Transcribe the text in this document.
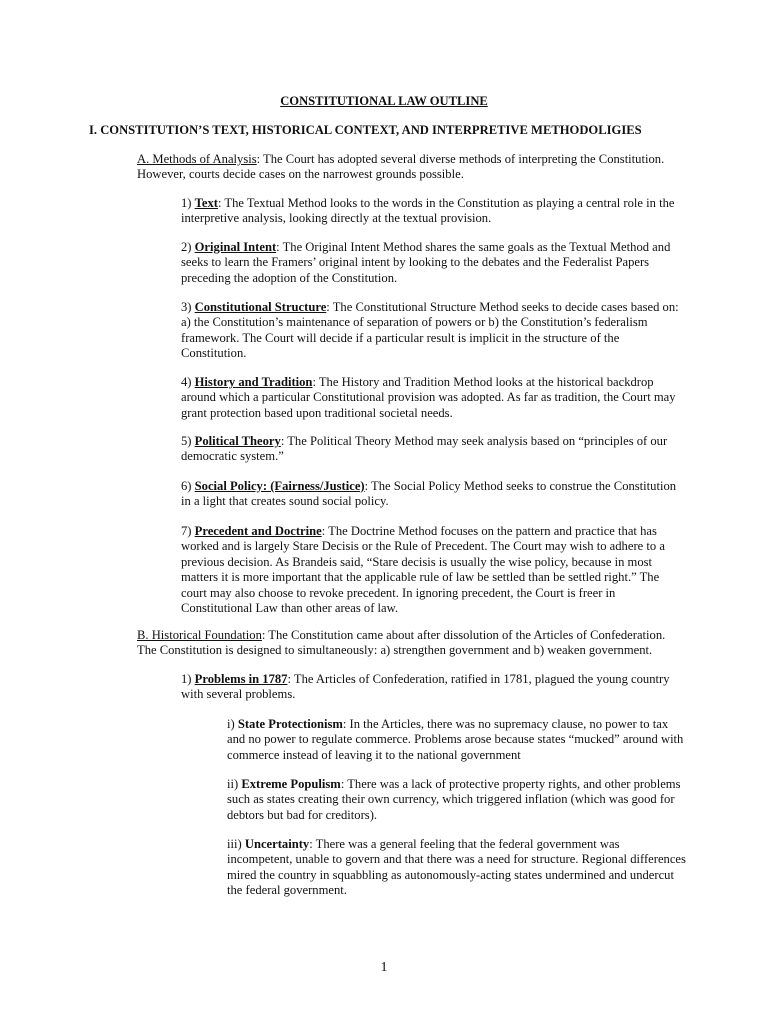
CONSTITUTIONAL LAW OUTLINE
I. CONSTITUTION’S TEXT, HISTORICAL CONTEXT, AND INTERPRETIVE METHODOLIGIES

A. Methods of Analysis: The Court has adopted several diverse methods of interpreting the Constitution. However, courts decide cases on the narrowest grounds possible.

1) Text: The Textual Method looks to the words in the Constitution as playing a central role in the interpretive analysis, looking directly at the textual provision.

2) Original Intent: The Original Intent Method shares the same goals as the Textual Method and seeks to learn the Framers’ original intent by looking to the debates and the Federalist Papers preceding the adoption of the Constitution.

3) Constitutional Structure: The Constitutional Structure Method seeks to decide cases based on: a) the Constitution’s maintenance of separation of powers or b) the Constitution’s federalism framework. The Court will decide if a particular result is implicit in the structure of the Constitution.

4) History and Tradition: The History and Tradition Method looks at the historical backdrop around which a particular Constitutional provision was adopted. As far as tradition, the Court may grant protection based upon traditional societal needs.

5) Political Theory: The Political Theory Method may seek analysis based on “principles of our democratic system.”

6) Social Policy: (Fairness/Justice): The Social Policy Method seeks to construe the Constitution in a light that creates sound social policy.

7) Precedent and Doctrine: The Doctrine Method focuses on the pattern and practice that has worked and is largely Stare Decisis or the Rule of Precedent. The Court may wish to adhere to a previous decision. As Brandeis said, “Stare decisis is usually the wise policy, because in most matters it is more important that the applicable rule of law be settled than be settled right.” The court may also choose to revoke precedent. In ignoring precedent, the Court is freer in Constitutional Law than other areas of law.

B. Historical Foundation: The Constitution came about after dissolution of the Articles of Confederation. The Constitution is designed to simultaneously: a) strengthen government and b) weaken government.

1) Problems in 1787: The Articles of Confederation, ratified in 1781, plagued the young country with several problems.

i) State Protectionism: In the Articles, there was no supremacy clause, no power to tax and no power to regulate commerce. Problems arose because states “mucked” around with commerce instead of leaving it to the national government

ii) Extreme Populism: There was a lack of protective property rights, and other problems such as states creating their own currency, which triggered inflation (which was good for debtors but bad for creditors).

iii) Uncertainty: There was a general feeling that the federal government was incompetent, unable to govern and that there was a need for structure. Regional differences mired the country in squabbling as autonomously-acting states undermined and undercut the federal government.

1
